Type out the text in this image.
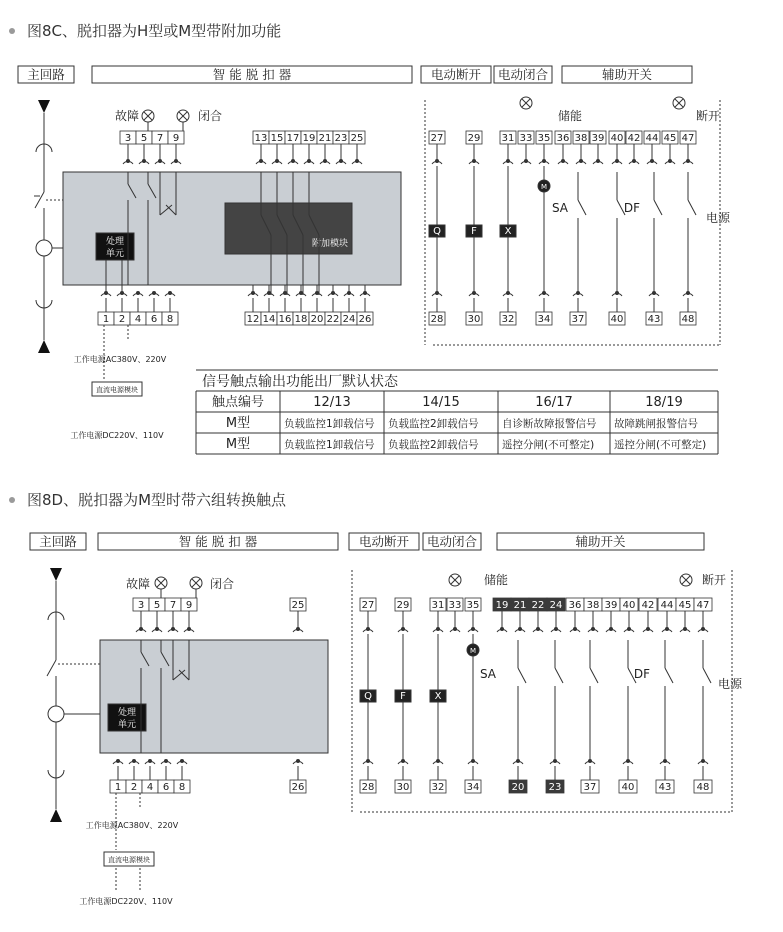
图8C、脱扣器为H型或M型带附加功能
主回路	智 能 脱 扣 器	电动断开 电动闭合	辅助开关
处理
单元
附加模块
故障	闭合
3 5 7 9	13 15 17 19 21 23 25
1 2 4 6 8	12 14 16 18 20 22 24 26
27 29 31 33 35 36 38 39 40 42 44 45 47
储能	断开
Q	F	X
M
SA	DF
电源
28 30 32 34 37	40 43 48
工作电源AC380V、220V
直流电源模块
工作电源DC220V、110V
信号触点输出功能出厂默认状态
触点编号	12/13	14/15	16/17	18/19
M型	负载监控1卸载信号 负载监控2卸载信号 自诊断故障报警信号 故障跳闸报警信号
M型	负载监控1卸载信号 负载监控2卸载信号 遥控分闸(不可整定) 遥控分闸(不可整定)
图8D、脱扣器为M型时带六组转换触点
主回路	智 能 脱 扣 器	电动断开 电动闭合	辅助开关
处理
单元
故障	闭合
3 5 7 9	25
1 2 4 6 8	26
27 29 31 33 35 19 21 22 24 36 38 39 40 42 44 45 47
储能	断开
Q	F	X
M
SA	DF
电源
28 30 32 34	20 23 37	40 43	48
工作电源AC380V、220V
直流电源模块
工作电源DC220V、110V
